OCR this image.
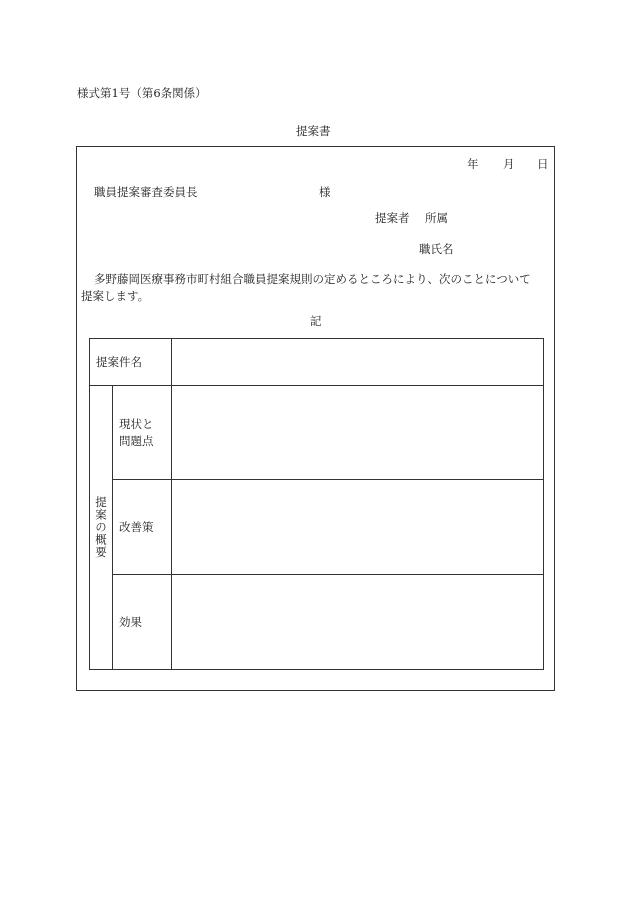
様式第1号（第6条関係）
提案書
年 月 日
職員提案審査委員長	様
提案者 所属
職氏名
多野藤岡医療事務市町村組合職員提案規則の定めるところにより、次のことについて
提案します。
記
提案件名		

提案の概要	現状と
問題点	

	改善策	
	効果	
